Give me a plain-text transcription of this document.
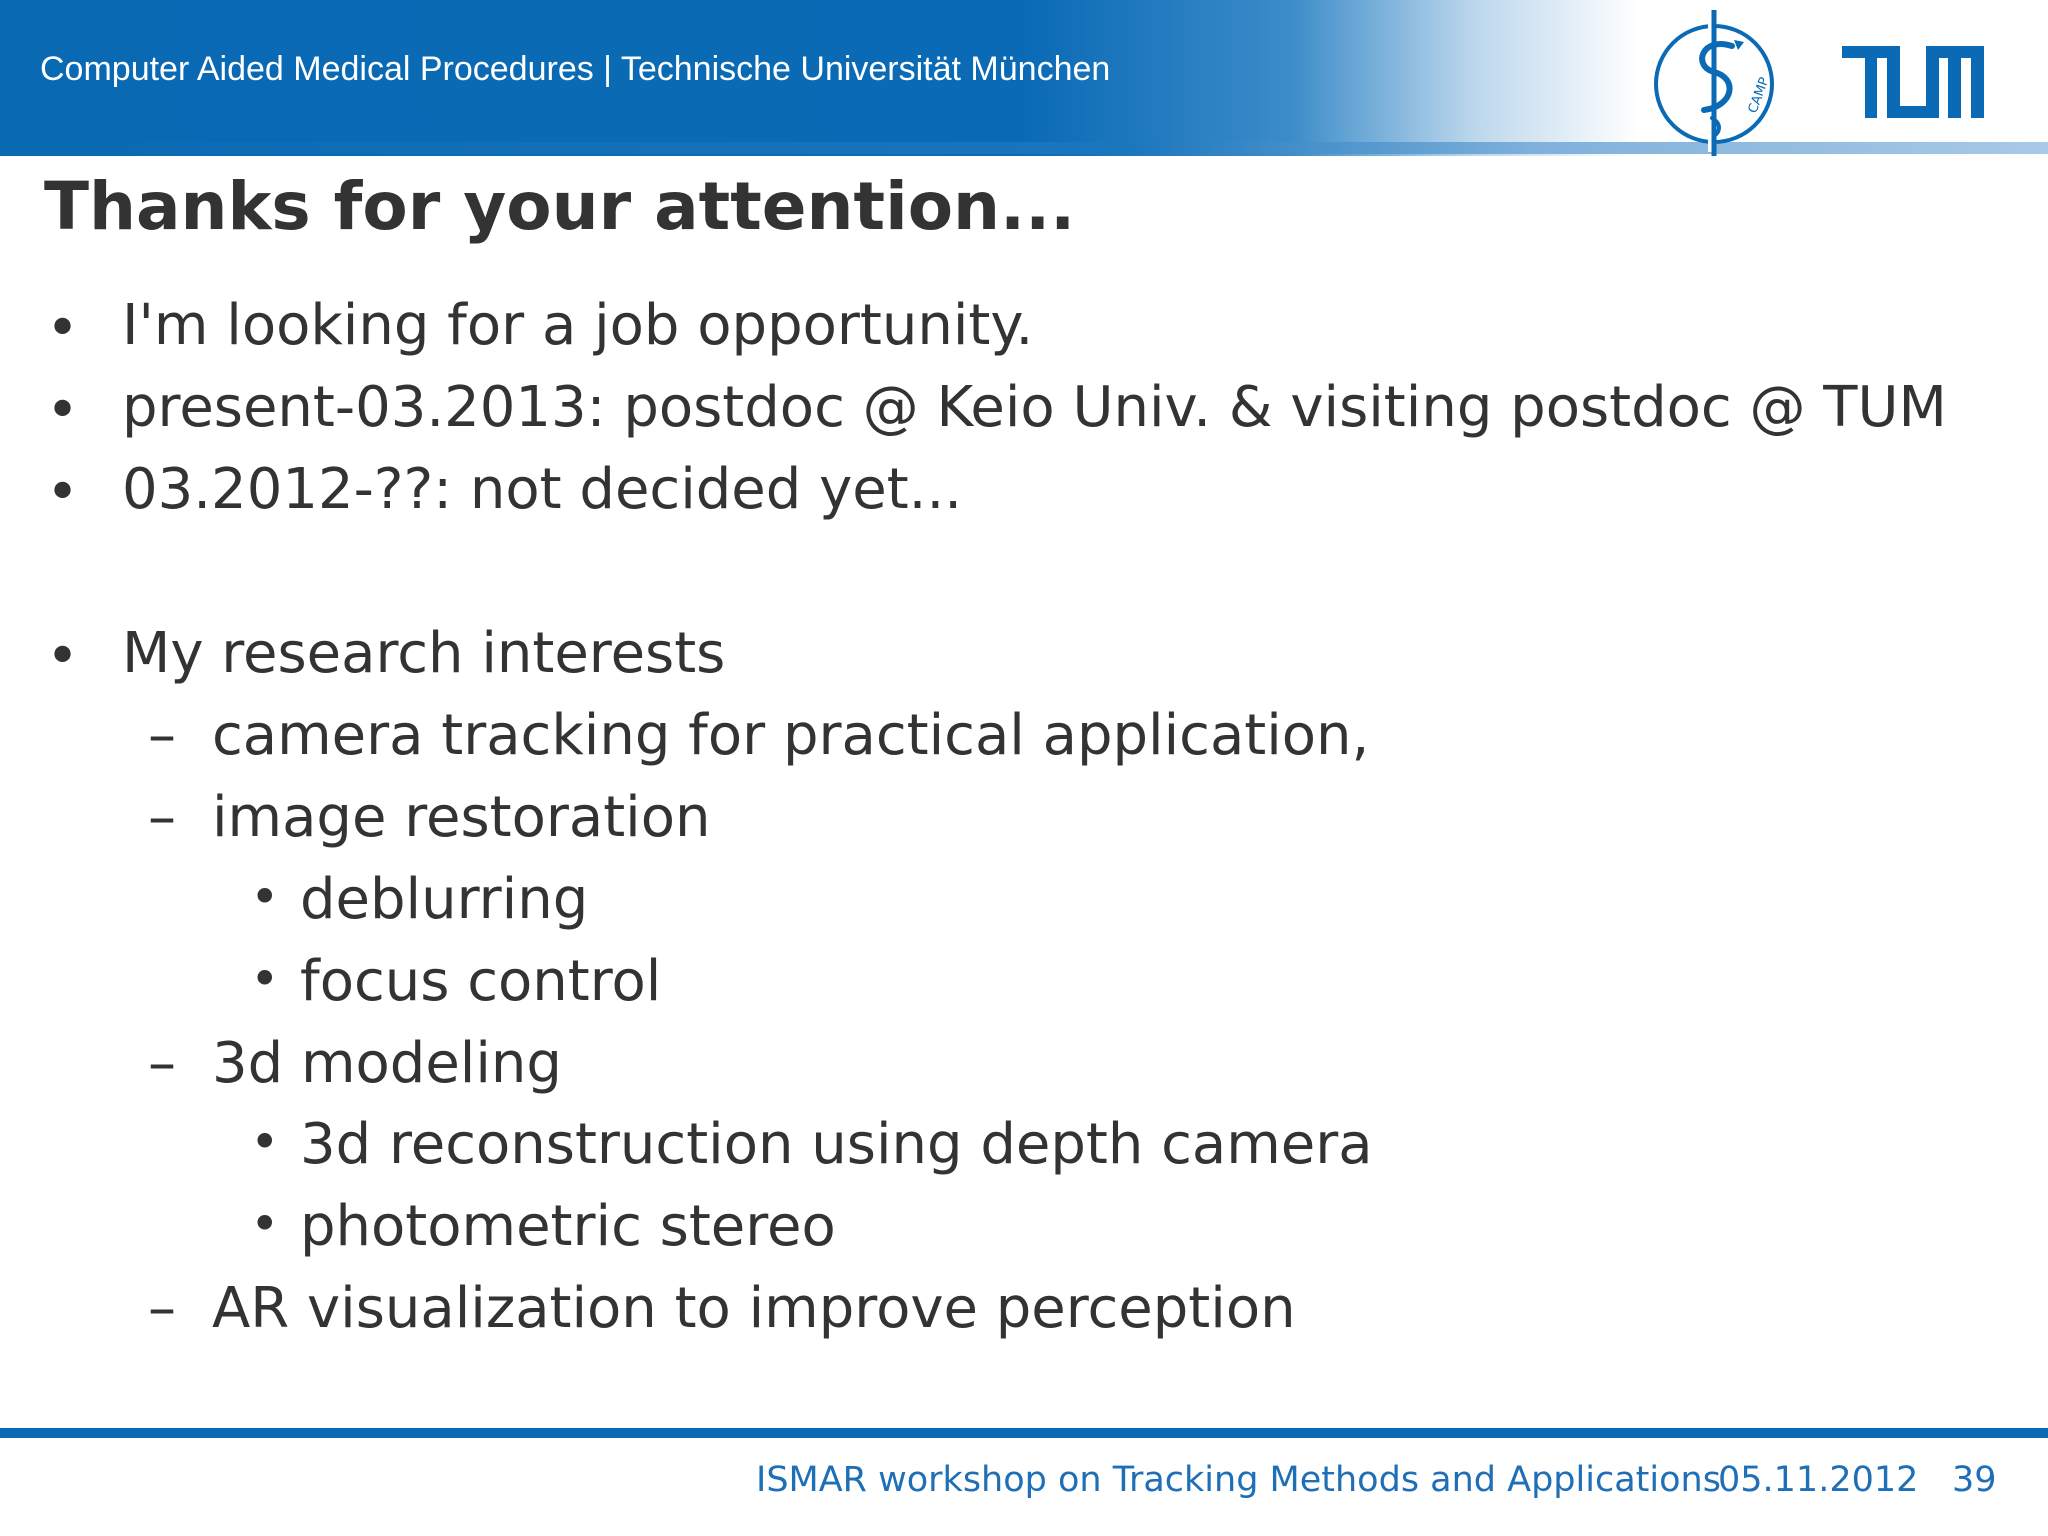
Computer Aided Medical Procedures | Technische Universität München
CAMP
Thanks for your attention...
• I'm looking for a job opportunity.
• present-03.2013: postdoc @ Keio Univ. & visiting postdoc @ TUM
• 03.2012-??: not decided yet...
• My research interests
– camera tracking for practical application,
– image restoration
• deblurring
• focus control
– 3d modeling
• 3d reconstruction using depth camera
• photometric stereo
– AR visualization to improve perception
ISMAR workshop on Tracking Methods and Applications
05.11.2012 39
